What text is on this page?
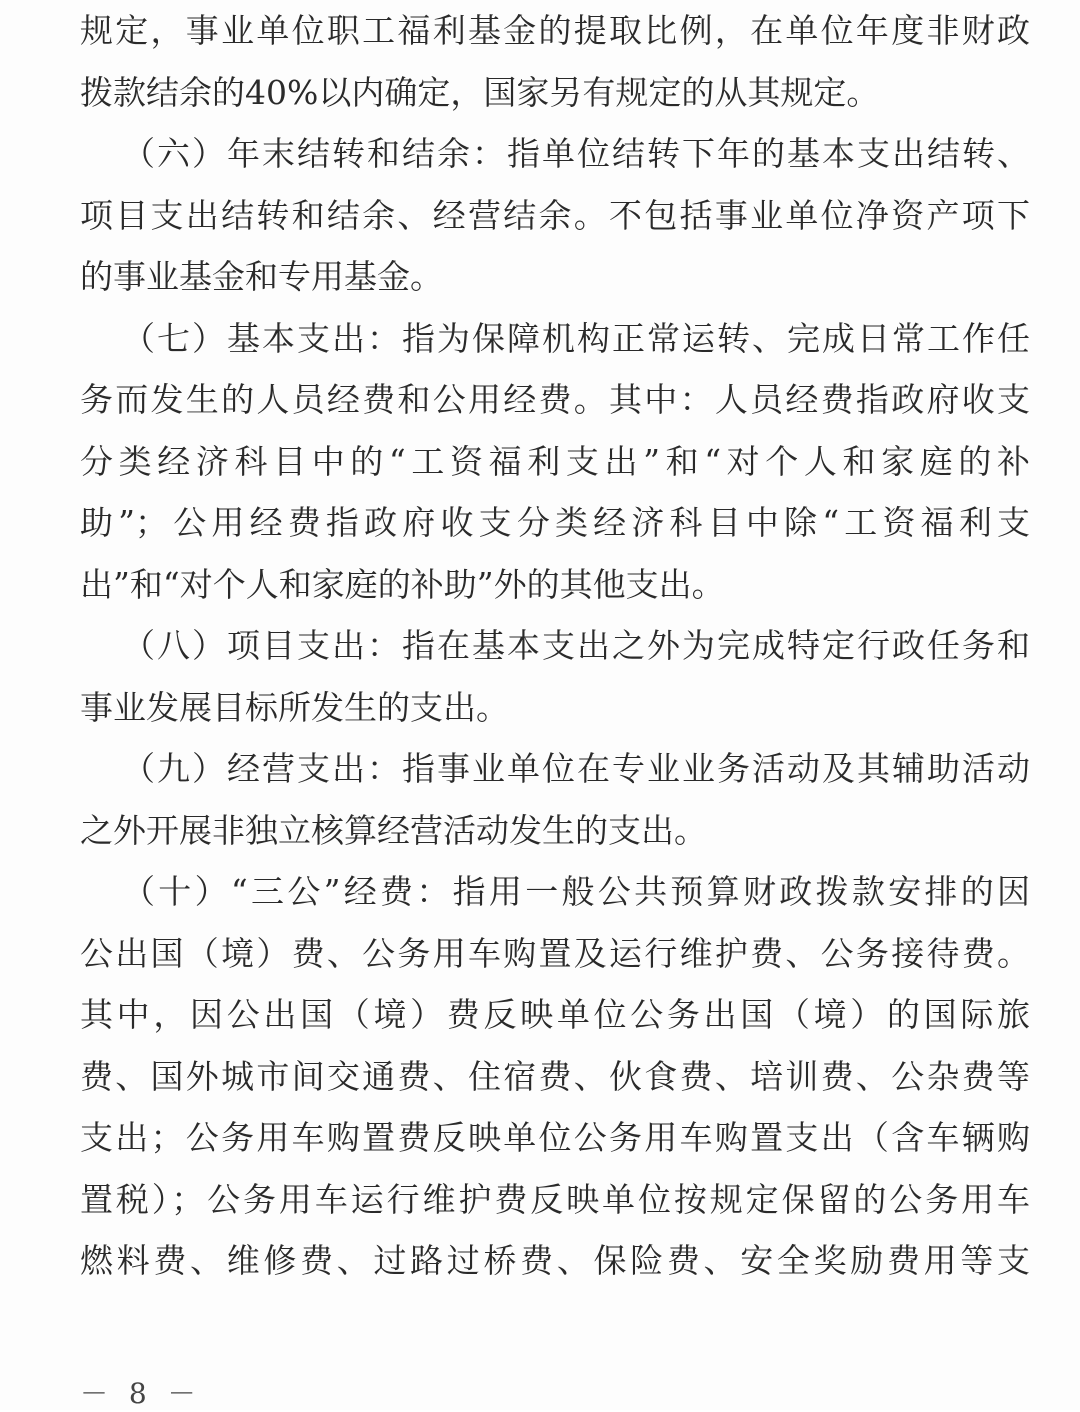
规定，事业单位职工福利基金的提取比例，在单位年度非财政
拨款结余的40%以内确定，国家另有规定的从其规定。
（六）年末结转和结余：指单位结转下年的基本支出结转、
项目支出结转和结余、经营结余。不包括事业单位净资产项下
的事业基金和专用基金。
（七）基本支出：指为保障机构正常运转、完成日常工作任
务而发生的人员经费和公用经费。其中：人员经费指政府收支
分类经济科目中的“工资福利支出”和“对个人和家庭的补
助”；公用经费指政府收支分类经济科目中除“工资福利支
出”和“对个人和家庭的补助”外的其他支出。
（八）项目支出：指在基本支出之外为完成特定行政任务和
事业发展目标所发生的支出。
（九）经营支出：指事业单位在专业业务活动及其辅助活动
之外开展非独立核算经营活动发生的支出。
（十）“三公”经费：指用一般公共预算财政拨款安排的因
公出国（境）费、公务用车购置及运行维护费、公务接待费。
其中，因公出国（境）费反映单位公务出国（境）的国际旅
费、国外城市间交通费、住宿费、伙食费、培训费、公杂费等
支出；公务用车购置费反映单位公务用车购置支出（含车辆购
置税）；公务用车运行维护费反映单位按规定保留的公务用车
燃料费、维修费、过路过桥费、保险费、安全奖励费用等支
－ 8 －
